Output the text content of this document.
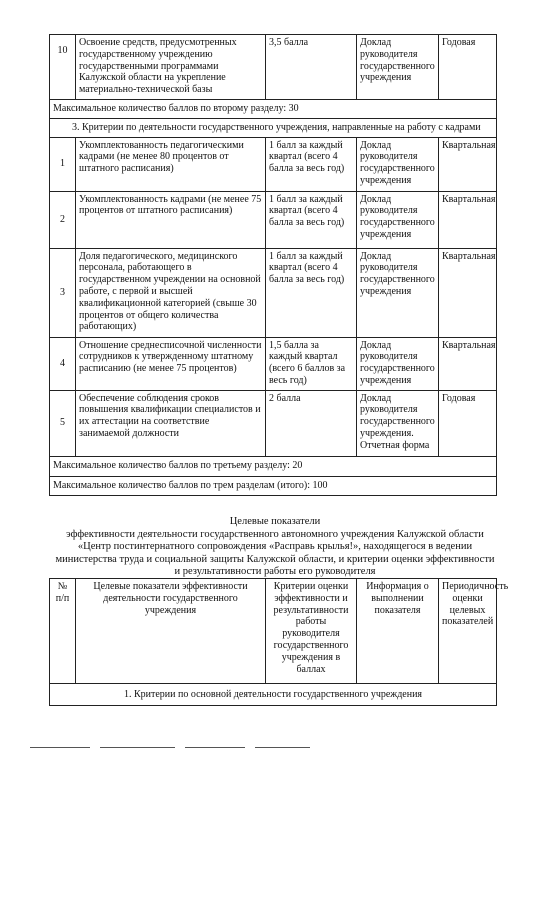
10	Освоение средств, предусмотренных государственному учреждению государственными программами Калужской области на укрепление материально-технической базы	3,5 балла	Доклад руководителя государственного учреждения	Годовая
Максимальное количество баллов по второму разделу: 30				
3. Критерии по деятельности государственного учреждения, направленные на работу с кадрами				
1	Укомплектованность педагогическими кадрами (не менее 80 процентов от штатного расписания)	1 балл за каждый квартал (всего 4 балла за весь год)	Доклад руководителя государственного учреждения	Квартальная
2	Укомплектованность кадрами (не менее 75 процентов от штатного расписания)	1 балл за каждый квартал (всего 4 балла за весь год)	Доклад руководителя государственного учреждения	Квартальная
3	Доля педагогического, медицинского персонала, работающего в государственном учреждении на основной работе, с первой и высшей квалификационной категорией (свыше 30 процентов от общего количества работающих)	1 балл за каждый квартал (всего 4 балла за весь год)	Доклад руководителя государственного учреждения	Квартальная
4	Отношение среднесписочной численности сотрудников к утвержденному штатному расписанию (не менее 75 процентов)	1,5 балла за каждый квартал (всего 6 баллов за весь год)	Доклад руководителя государственного учреждения	Квартальная
5	Обеспечение соблюдения сроков повышения квалификации специалистов и их аттестации на соответствие занимаемой должности	2 балла	Доклад руководителя государственного учреждения. Отчетная форма	Годовая
Максимальное количество баллов по третьему разделу: 20				
Максимальное количество баллов по трем разделам (итого): 100				
Целевые показатели
эффективности деятельности государственного автономного учреждения Калужской области «Центр постинтернатного сопровождения «Расправь крылья!», находящегося в ведении министерства труда и социальной защиты Калужской области, и критерии оценки эффективности и результативности работы его руководителя
№ п/п	Целевые показатели эффективности деятельности государственного учреждения	Критерии оценки эффективности и результативности работы руководителя государственного учреждения в баллах	Информация о выполнении показателя	Периодичность оценки целевых показателей
1. Критерии по основной деятельности государственного учреждения
